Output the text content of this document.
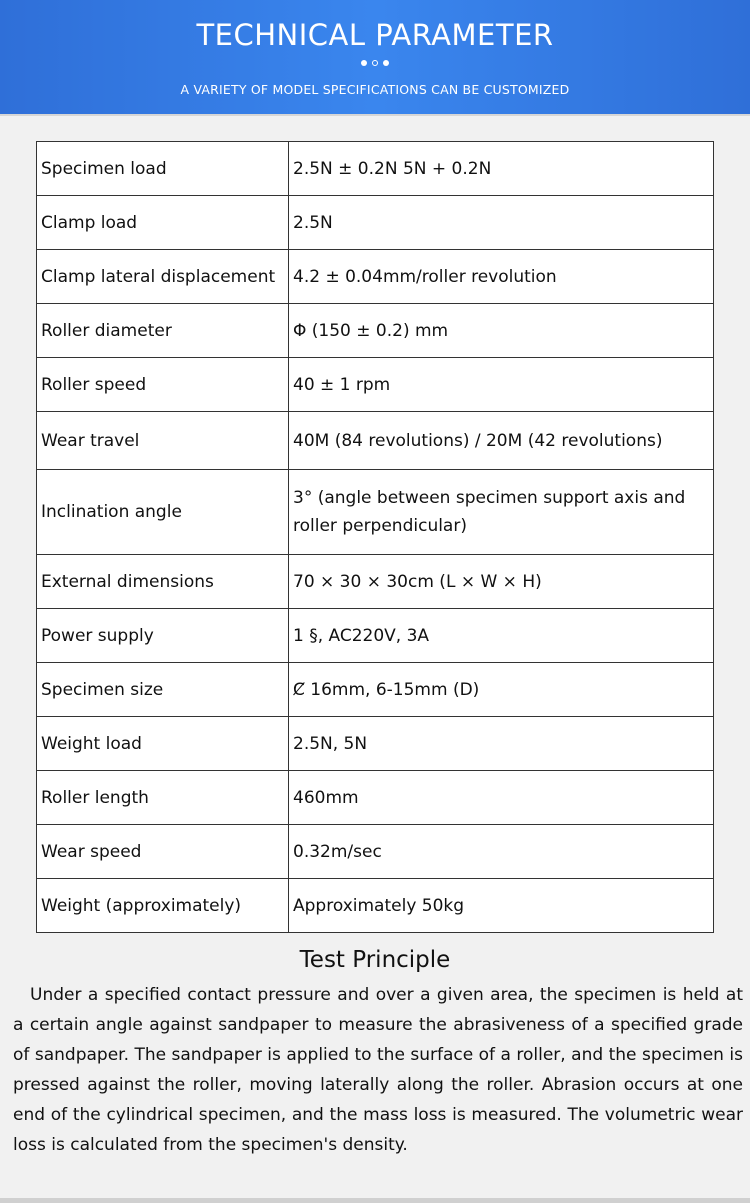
TECHNICAL PARAMETER
A VARIETY OF MODEL SPECIFICATIONS CAN BE CUSTOMIZED
Specimen load	2.5N ± 0.2N 5N + 0.2N
Clamp load	2.5N
Clamp lateral displacement	4.2 ± 0.04mm/roller revolution
Roller diameter	Φ (150 ± 0.2) mm
Roller speed	40 ± 1 rpm
Wear travel	40M (84 revolutions) / 20M (42 revolutions)
Inclination angle	3° (angle between specimen support axis and roller perpendicular)
External dimensions	70 × 30 × 30cm (L × W × H)
Power supply	1 §, AC220V, 3A
Specimen size	Ȼ 16mm, 6-15mm (D)
Weight load	2.5N, 5N
Roller length	460mm
Wear speed	0.32m/sec
Weight (approximately)	Approximately 50kg
Test Principle
Under a specified contact pressure and over a given area, the specimen is held at a certain angle against sandpaper to measure the abrasiveness of a specified grade of sandpaper. The sandpaper is applied to the surface of a roller, and the specimen is pressed against the roller, moving laterally along the roller. Abrasion occurs at one end of the cylindrical specimen, and the mass loss is measured. The volumetric wear loss is calculated from the specimen's density.
